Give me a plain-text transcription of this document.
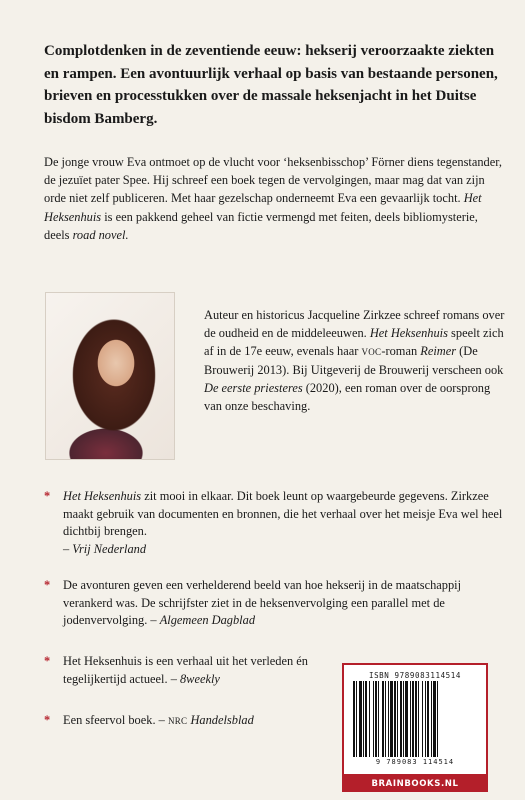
Complotdenken in de zeventiende eeuw: hekserij veroorzaakte ziekten en rampen. Een avontuurlijk verhaal op basis van bestaande personen, brieven en processtukken over de massale heksenjacht in het Duitse bisdom Bamberg.
De jonge vrouw Eva ontmoet op de vlucht voor ‘heksenbisschop’ Förner diens tegenstander, de jezuïet pater Spee. Hij schreef een boek tegen de vervolgingen, maar mag dat van zijn orde niet zelf publiceren. Met haar gezelschap onderneemt Eva een gevaarlijk tocht. Het Heksenhuis is een pakkend geheel van fictie vermengd met feiten, deels bibliomysterie, deels road novel.
Auteur en historicus Jacqueline Zirkzee schreef romans over de oudheid en de middeleeuwen. Het Heksenhuis speelt zich af in de 17e eeuw, evenals haar voc-roman Reimer (De Brouwerij 2013). Bij Uitgeverij de Brouwerij verscheen ook De eerste priesteres (2020), een roman over de oorsprong van onze beschaving.
*	Het Heksenhuis zit mooi in elkaar. Dit boek leunt op waargebeurde gegevens. Zirkzee maakt gebruik van documenten en bronnen, die het verhaal over het meisje Eva wel heel dichtbij brengen.
– Vrij Nederland
*	De avonturen geven een verhelderend beeld van hoe hekserij in de maatschappij verankerd was. De schrijfster ziet in de heksenvervolging een parallel met de jodenvervolging. – Algemeen Dagblad
*	Het Heksenhuis is een verhaal uit het verleden én tegelijkertijd actueel. – 8weekly
*	Een sfeervol boek. – nrc Handelsblad
ISBN 9789083114514
9 789083 114514
BRAINBOOKS.NL
